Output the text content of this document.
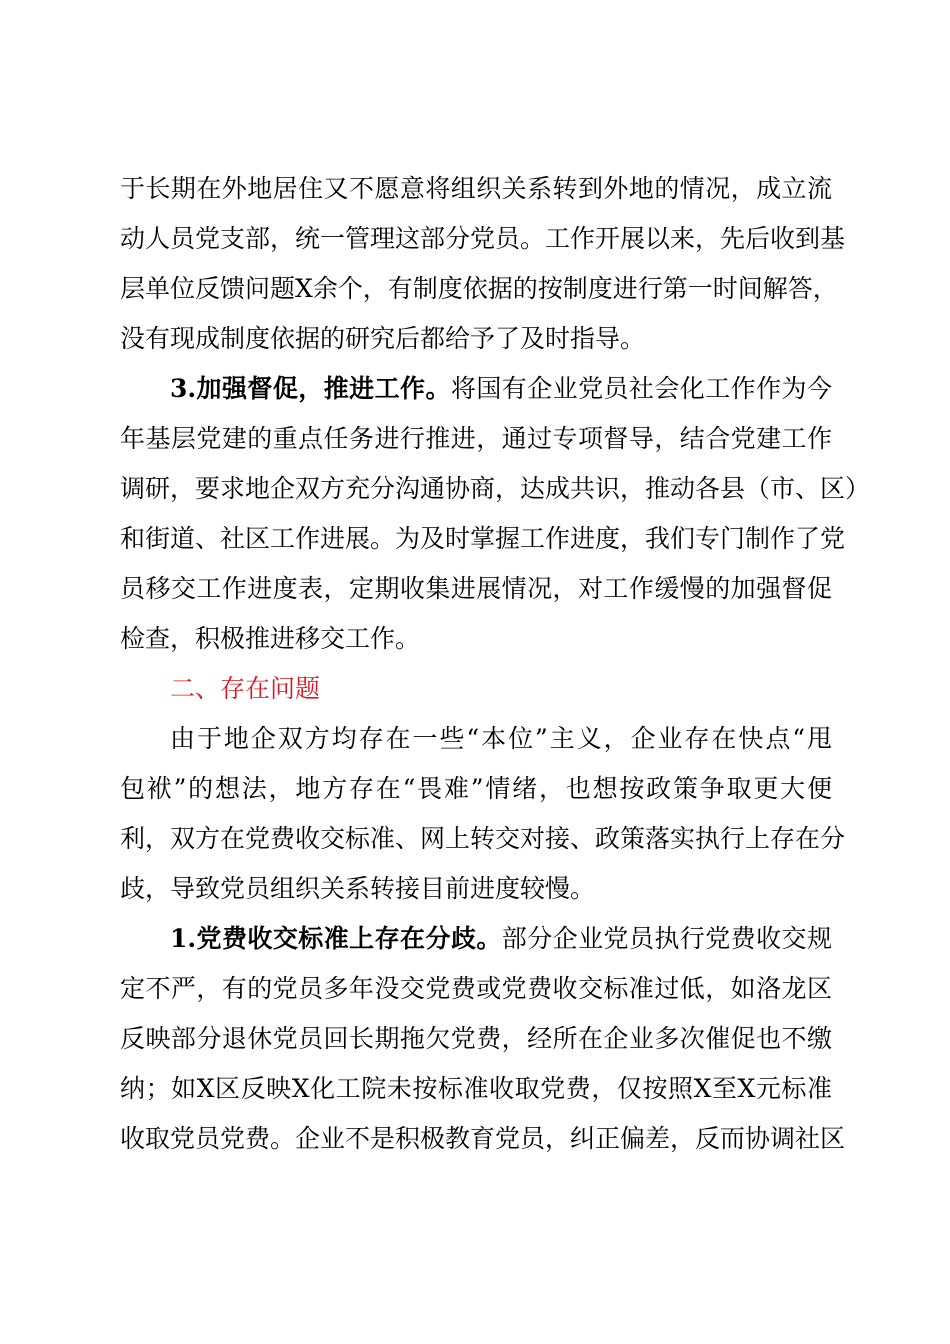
于长期在外地居住又不愿意将组织关系转到外地的情况，成立流
动人员党支部，统一管理这部分党员。工作开展以来，先后收到基
层单位反馈问题X余个，有制度依据的按制度进行第一时间解答，
没有现成制度依据的研究后都给予了及时指导。
3.加强督促，推进工作。将国有企业党员社会化工作作为今
年基层党建的重点任务进行推进，通过专项督导，结合党建工作
调研，要求地企双方充分沟通协商，达成共识，推动各县（市、区）
和街道、社区工作进展。为及时掌握工作进度，我们专门制作了党
员移交工作进度表，定期收集进展情况，对工作缓慢的加强督促
检查，积极推进移交工作。
二、存在问题
由于地企双方均存在一些“本位”主义，企业存在快点“甩
包袱”的想法，地方存在“畏难”情绪，也想按政策争取更大便
利，双方在党费收交标准、网上转交对接、政策落实执行上存在分
歧，导致党员组织关系转接目前进度较慢。
1.党费收交标准上存在分歧。部分企业党员执行党费收交规
定不严，有的党员多年没交党费或党费收交标准过低，如洛龙区
反映部分退休党员回长期拖欠党费，经所在企业多次催促也不缴
纳；如X区反映X化工院未按标准收取党费，仅按照X至X元标准
收取党员党费。企业不是积极教育党员，纠正偏差，反而协调社区
